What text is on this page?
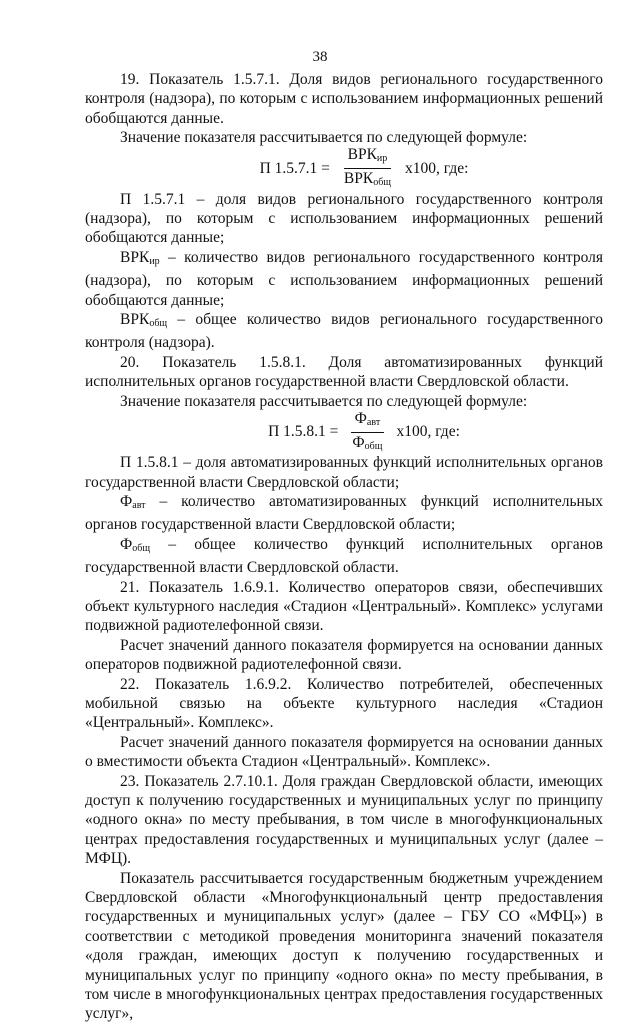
38

19. Показатель 1.5.7.1. Доля видов регионального государственного контроля (надзора), по которым с использованием информационных решений обобщаются данные.

Значение показателя рассчитывается по следующей формуле:

П $1.5.7.1 = \frac{ВРК_{ир}}{ВРК_{общ}} х100$, где:

П 1.5.7.1 – доля видов регионального государственного контроля (надзора), по которым с использованием информационных решений обобщаются данные;

$ВРК_{ир}$ – количество видов регионального государственного контроля (надзора), по которым с использованием информационных решений обобщаются данные;

$ВРК_{общ}$ – общее количество видов регионального государственного контроля (надзора).

20. Показатель 1.5.8.1. Доля автоматизированных функций исполнительных органов государственной власти Свердловской области.

Значение показателя рассчитывается по следующей формуле:

П $1.5.8.1 = \frac{Ф_{авт}}{Ф_{общ}} х100$, где:

П 1.5.8.1 – доля автоматизированных функций исполнительных органов государственной власти Свердловской области;

$Ф_{авт}$ – количество автоматизированных функций исполнительных органов государственной власти Свердловской области;

$Ф_{общ}$ – общее количество функций исполнительных органов государственной власти Свердловской области.

21. Показатель 1.6.9.1. Количество операторов связи, обеспечивших объект культурного наследия «Стадион «Центральный». Комплекс» услугами подвижной радиотелефонной связи.

Расчет значений данного показателя формируется на основании данных операторов подвижной радиотелефонной связи.

22. Показатель 1.6.9.2. Количество потребителей, обеспеченных мобильной связью на объекте культурного наследия «Стадион «Центральный». Комплекс».

Расчет значений данного показателя формируется на основании данных о вместимости объекта Стадион «Центральный». Комплекс».

23. Показатель 2.7.10.1. Доля граждан Свердловской области, имеющих доступ к получению государственных и муниципальных услуг по принципу «одного окна» по месту пребывания, в том числе в многофункциональных центрах предоставления государственных и муниципальных услуг (далее – МФЦ).

Показатель рассчитывается государственным бюджетным учреждением Свердловской области «Многофункциональный центр предоставления государственных и муниципальных услуг» (далее – ГБУ СО «МФЦ») в соответствии с методикой проведения мониторинга значений показателя «доля граждан, имеющих доступ к получению государственных и муниципальных услуг по принципу «одного окна» по месту пребывания, в том числе в многофункциональных центрах предоставления государственных услуг»,
